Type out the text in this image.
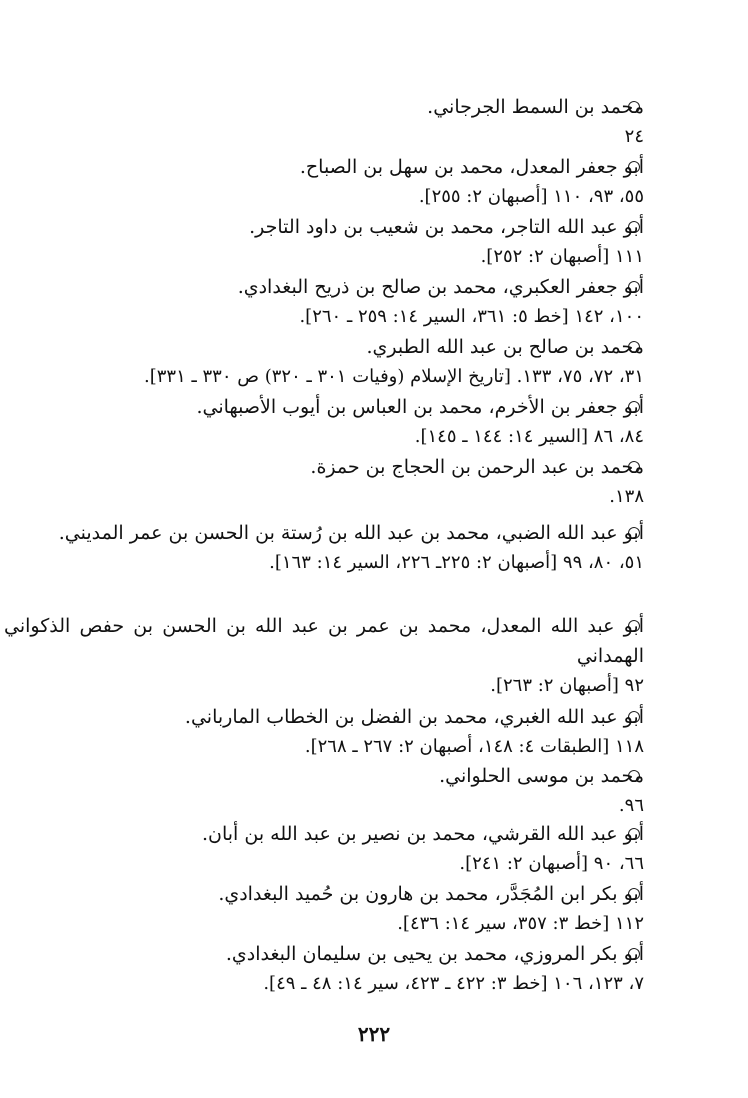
محمد بن السمط الجرجاني.
٢٤
أبو جعفر المعدل، محمد بن سهل بن الصباح.
٥٥، ٩٣، ١١٠ [أصبهان ٢: ٢٥٥].
أبو عبد الله التاجر، محمد بن شعيب بن داود التاجر.
١١١ [أصبهان ٢: ٢٥٢].
أبو جعفر العكبري، محمد بن صالح بن ذريح البغدادي.
١٠٠، ١٤٢ [خط ٥: ٣٦١، السير ١٤: ٢٥٩ ـ ٢٦٠].
محمد بن صالح بن عبد الله الطبري.
٣١، ٧٢، ٧٥، ١٣٣. [تاريخ الإسلام (وفيات ٣٠١ ـ ٣٢٠) ص ٣٣٠ ـ ٣٣١].
أبو جعفر بن الأخرم، محمد بن العباس بن أيوب الأصبهاني.
٨٤، ٨٦ [السير ١٤: ١٤٤ ـ ١٤٥].
محمد بن عبد الرحمن بن الحجاج بن حمزة.
١٣٨.
أبو عبد الله الضبي، محمد بن عبد الله بن رُستة بن الحسن بن عمر المديني.
٥١، ٨٠، ٩٩ [أصبهان ٢: ٢٢٥ـ ٢٢٦، السير ١٤: ١٦٣].
أبو عبد الله المعدل، محمد بن عمر بن عبد الله بن الحسن بن حفص الذكواني الهمداني
٩٢ [أصبهان ٢: ٢٦٣].
أبو عبد الله الغبري، محمد بن الفضل بن الخطاب المارباني.
١١٨ [الطبقات ٤: ١٤٨، أصبهان ٢: ٢٦٧ ـ ٢٦٨].
محمد بن موسى الحلواني.
٩٦.
أبو عبد الله القرشي، محمد بن نصير بن عبد الله بن أبان.
٦٦، ٩٠ [أصبهان ٢: ٢٤١].
أبو بكر ابن المُجَدَّر، محمد بن هارون بن حُميد البغدادي.
١١٢ [خط ٣: ٣٥٧، سير ١٤: ٤٣٦].
أبو بكر المروزي، محمد بن يحيى بن سليمان البغدادي.
٧، ١٢٣، ١٠٦ [خط ٣: ٤٢٢ ـ ٤٢٣، سير ١٤: ٤٨ ـ ٤٩].
٢٢٢
